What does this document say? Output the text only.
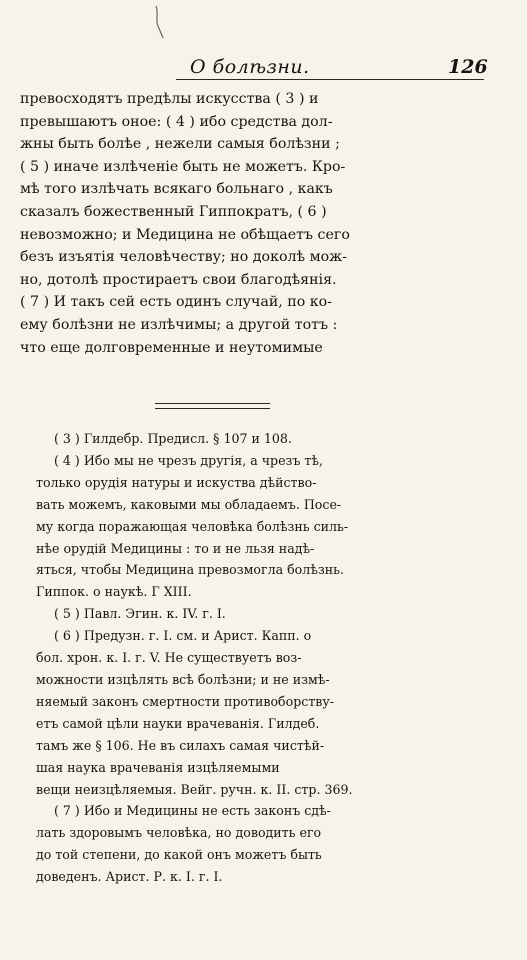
О болѣзни.	126
превосходятъ предѣлы искусства ( 3 ) и
превышаютъ оное: ( 4 ) ибо средства дол-
жны быть болѣе , нежели самыя болѣзни ;
( 5 ) иначе излѣченіе быть не можетъ. Кро-
мѣ того излѣчать всякаго больнаго , какъ
сказалъ божественный Гиппократъ, ( 6 )
невозможно; и Медицина не обѣщаетъ сего
безъ изъятія человѣчеству; но доколѣ мож-
но, дотолѣ простираетъ свои благодѣянія.
( 7 ) И такъ сей есть одинъ случай, по ко-
ему болѣзни не излѣчимы; а другой тотъ :
что еще долговременные и неутомимые
( 3 ) Гилдебр. Предисл. § 107 и 108.
( 4 ) Ибо мы не чрезъ другія, а чрезъ тѣ,
только орудія натуры и искуства дѣйство-
вать можемъ, каковыми мы обладаемъ. Посе-
му когда поражающая человѣка болѣзнь силь-
нѣе орудій Медицины : то и не льзя надѣ-
яться, чтобы Медицина превозмогла болѣзнь.
Гиппок. о наукѣ. Г XIII.
( 5 ) Павл. Эгин. к. IV. г. I.
( 6 ) Предузн. г. I. см. и Арист. Капп. о
бол. хрон. к. I. г. V. Не существуетъ воз-
можности изцѣлять всѣ болѣзни; и не измѣ-
няемый законъ смертности противоборству-
етъ самой цѣли науки врачеванія. Гилдеб.
тамъ же § 106. Не въ силахъ самая чистѣй-
шая наука врачеванія изцѣляемыми
вещи неизцѣляемыя. Вейг. ручн. к. II. стр. 369.
( 7 ) Ибо и Медицины не есть законъ сдѣ-
лать здоровымъ человѣка, но доводить его
до той степени, до какой онъ можетъ быть
доведенъ. Арист. Р. к. I. г. I.
